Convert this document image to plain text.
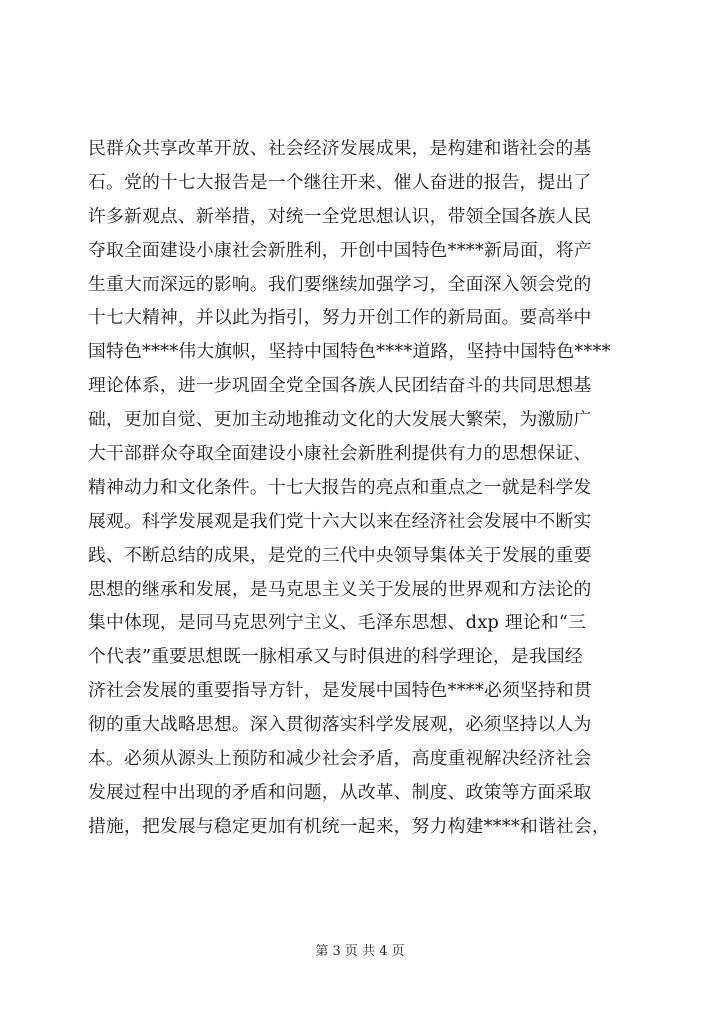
民群众共享改革开放、社会经济发展成果，是构建和谐社会的基
石。党的十七大报告是一个继往开来、催人奋进的报告，提出了
许多新观点、新举措，对统一全党思想认识，带领全国各族人民
夺取全面建设小康社会新胜利，开创中国特色****新局面，将产
生重大而深远的影响。我们要继续加强学习，全面深入领会党的
十七大精神，并以此为指引，努力开创工作的新局面。要高举中
国特色****伟大旗帜，坚持中国特色****道路，坚持中国特色****
理论体系，进一步巩固全党全国各族人民团结奋斗的共同思想基
础，更加自觉、更加主动地推动文化的大发展大繁荣，为激励广
大干部群众夺取全面建设小康社会新胜利提供有力的思想保证、
精神动力和文化条件。十七大报告的亮点和重点之一就是科学发
展观。科学发展观是我们党十六大以来在经济社会发展中不断实
践、不断总结的成果，是党的三代中央领导集体关于发展的重要
思想的继承和发展，是马克思主义关于发展的世界观和方法论的
集中体现，是同马克思列宁主义、毛泽东思想、dxp 理论和“三
个代表”重要思想既一脉相承又与时俱进的科学理论，是我国经
济社会发展的重要指导方针，是发展中国特色****必须坚持和贯
彻的重大战略思想。深入贯彻落实科学发展观，必须坚持以人为
本。必须从源头上预防和减少社会矛盾，高度重视解决经济社会
发展过程中出现的矛盾和问题，从改革、制度、政策等方面采取
措施，把发展与稳定更加有机统一起来，努力构建****和谐社会，
第 3 页 共 4 页
